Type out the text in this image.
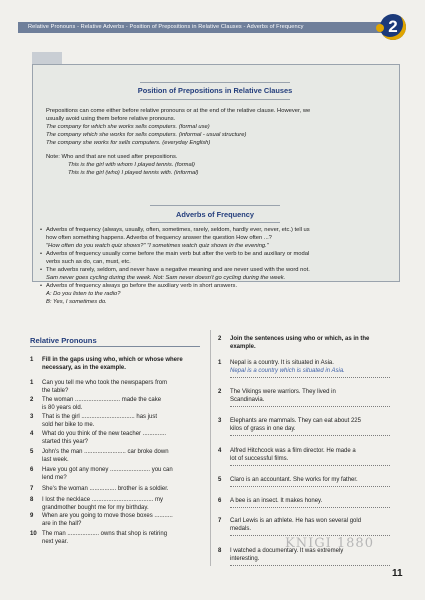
Relative Pronouns - Relative Adverbs - Position of Prepositions in Relative Clauses - Adverbs of Frequency	2
Position of Prepositions in Relative Clauses
Prepositions can come either before relative pronouns or at the end of the relative clause. However, we
usually avoid using them before relative pronouns.
The company for which she works sells computers. (formal use)
The company which she works for sells computers. (informal - usual structure)
The company she works for sells computers. (everyday English)
Note: Who and that are not used after prepositions.
This is the girl with whom I played tennis. (formal)
This is the girl (who) I played tennis with. (informal)
Adverbs of Frequency
• Adverbs of frequency (always, usually, often, sometimes, rarely, seldom, hardly ever, never, etc.) tell us
how often something happens. Adverbs of frequency answer the question How often ...?
"How often do you watch quiz shows?" "I sometimes watch quiz shows in the evening."
• Adverbs of frequency usually come before the main verb but after the verb to be and auxiliary or modal
verbs such as do, can, must, etc.
• The adverbs rarely, seldom, and never have a negative meaning and are never used with the word not.
Sam never goes cycling during the week. Not: Sam never doesn't go cycling during the week.
• Adverbs of frequency always go before the auxiliary verb in short answers.
A: Do you listen to the radio?
B: Yes, I sometimes do.
Relative Pronouns
1 Fill in the gaps using who, which or whose where
necessary, as in the example.
1 Can you tell me who took the newspapers from
the table?
2 The woman ........................... made the cake
is 80 years old.
3 That is the girl ................................ has just
sold her bike to me.
4 What do you think of the new teacher ..............
started this year?
5 John's the man ......................... car broke down
last week.
6 Have you got any money ........................ you can
lend me?
7 She's the woman ................ brother is a soldier.
8 I lost the necklace ..................................... my
grandmother bought me for my birthday.
9 When are you going to move those boxes ...........
are in the hall?
10 The man ................... owns that shop is retiring
next year.
2 Join the sentences using who or which, as in the
example.
1 Nepal is a country. It is situated in Asia.
Nepal is a country which is situated in Asia.
2 The Vikings were warriors. They lived in
Scandinavia.
3 Elephants are mammals. They can eat about 225
kilos of grass in one day.
4 Alfred Hitchcock was a film director. He made a
lot of successful films.
5 Claro is an accountant. She works for my father.
6 A bee is an insect. It makes honey.
7 Carl Lewis is an athlete. He has won several gold
medals.
8 I watched a documentary. It was extremely
interesting.
KNIGI 1880
11
